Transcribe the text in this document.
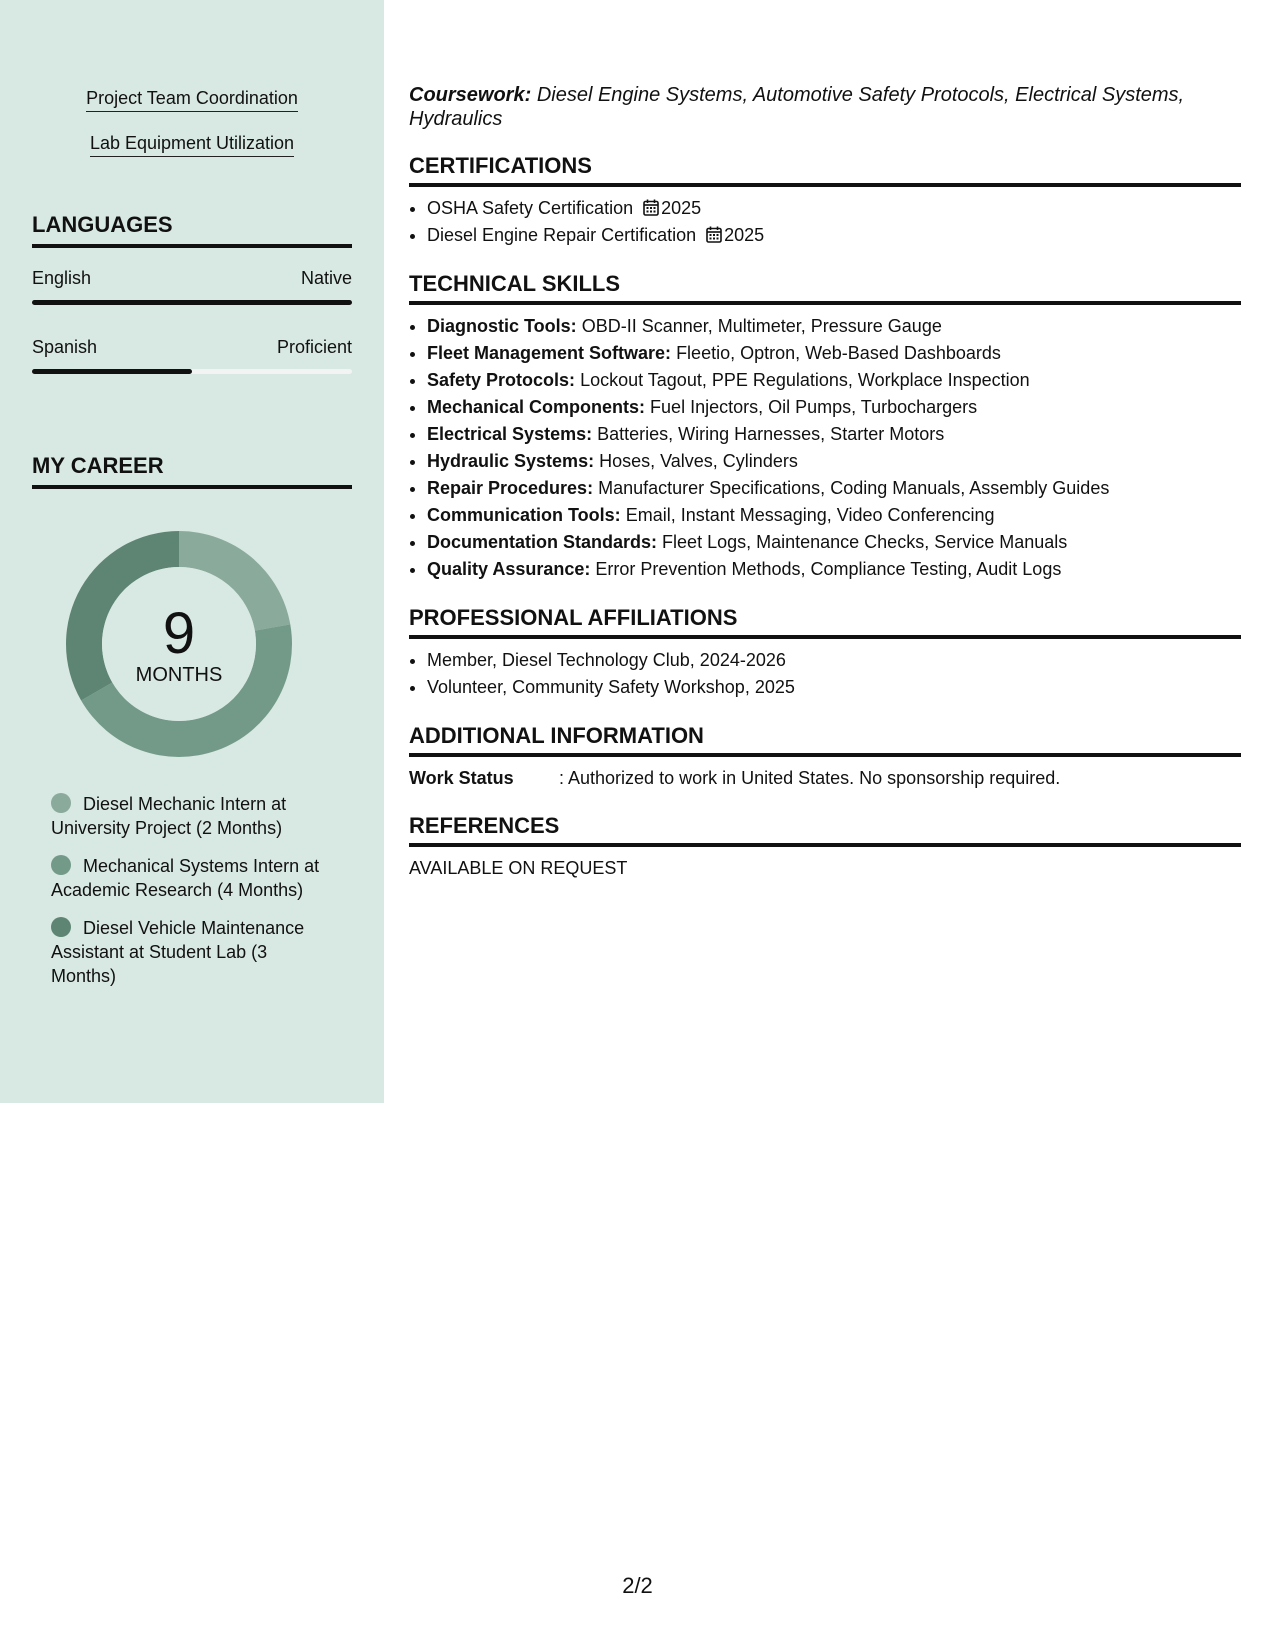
Project Team Coordination
Lab Equipment Utilization
LANGUAGES
English	Native
Spanish	Proficient
MY CAREER
9
MONTHS
Diesel Mechanic Intern at University Project (2 Months)
Mechanical Systems Intern at Academic Research (4 Months)
Diesel Vehicle Maintenance Assistant at Student Lab (3 Months)

Coursework: Diesel Engine Systems, Automotive Safety Protocols, Electrical Systems, Hydraulics

CERTIFICATIONS
• OSHA Safety Certification 2025
• Diesel Engine Repair Certification 2025
TECHNICAL SKILLS
• Diagnostic Tools: OBD-II Scanner, Multimeter, Pressure Gauge
• Fleet Management Software: Fleetio, Optron, Web-Based Dashboards
• Safety Protocols: Lockout Tagout, PPE Regulations, Workplace Inspection
• Mechanical Components: Fuel Injectors, Oil Pumps, Turbochargers
• Electrical Systems: Batteries, Wiring Harnesses, Starter Motors
• Hydraulic Systems: Hoses, Valves, Cylinders
• Repair Procedures: Manufacturer Specifications, Coding Manuals, Assembly Guides
• Communication Tools: Email, Instant Messaging, Video Conferencing
• Documentation Standards: Fleet Logs, Maintenance Checks, Service Manuals
• Quality Assurance: Error Prevention Methods, Compliance Testing, Audit Logs
PROFESSIONAL AFFILIATIONS
• Member, Diesel Technology Club, 2024-2026
• Volunteer, Community Safety Workshop, 2025
ADDITIONAL INFORMATION
Work Status	: Authorized to work in United States. No sponsorship required.
REFERENCES
AVAILABLE ON REQUEST
2/2
